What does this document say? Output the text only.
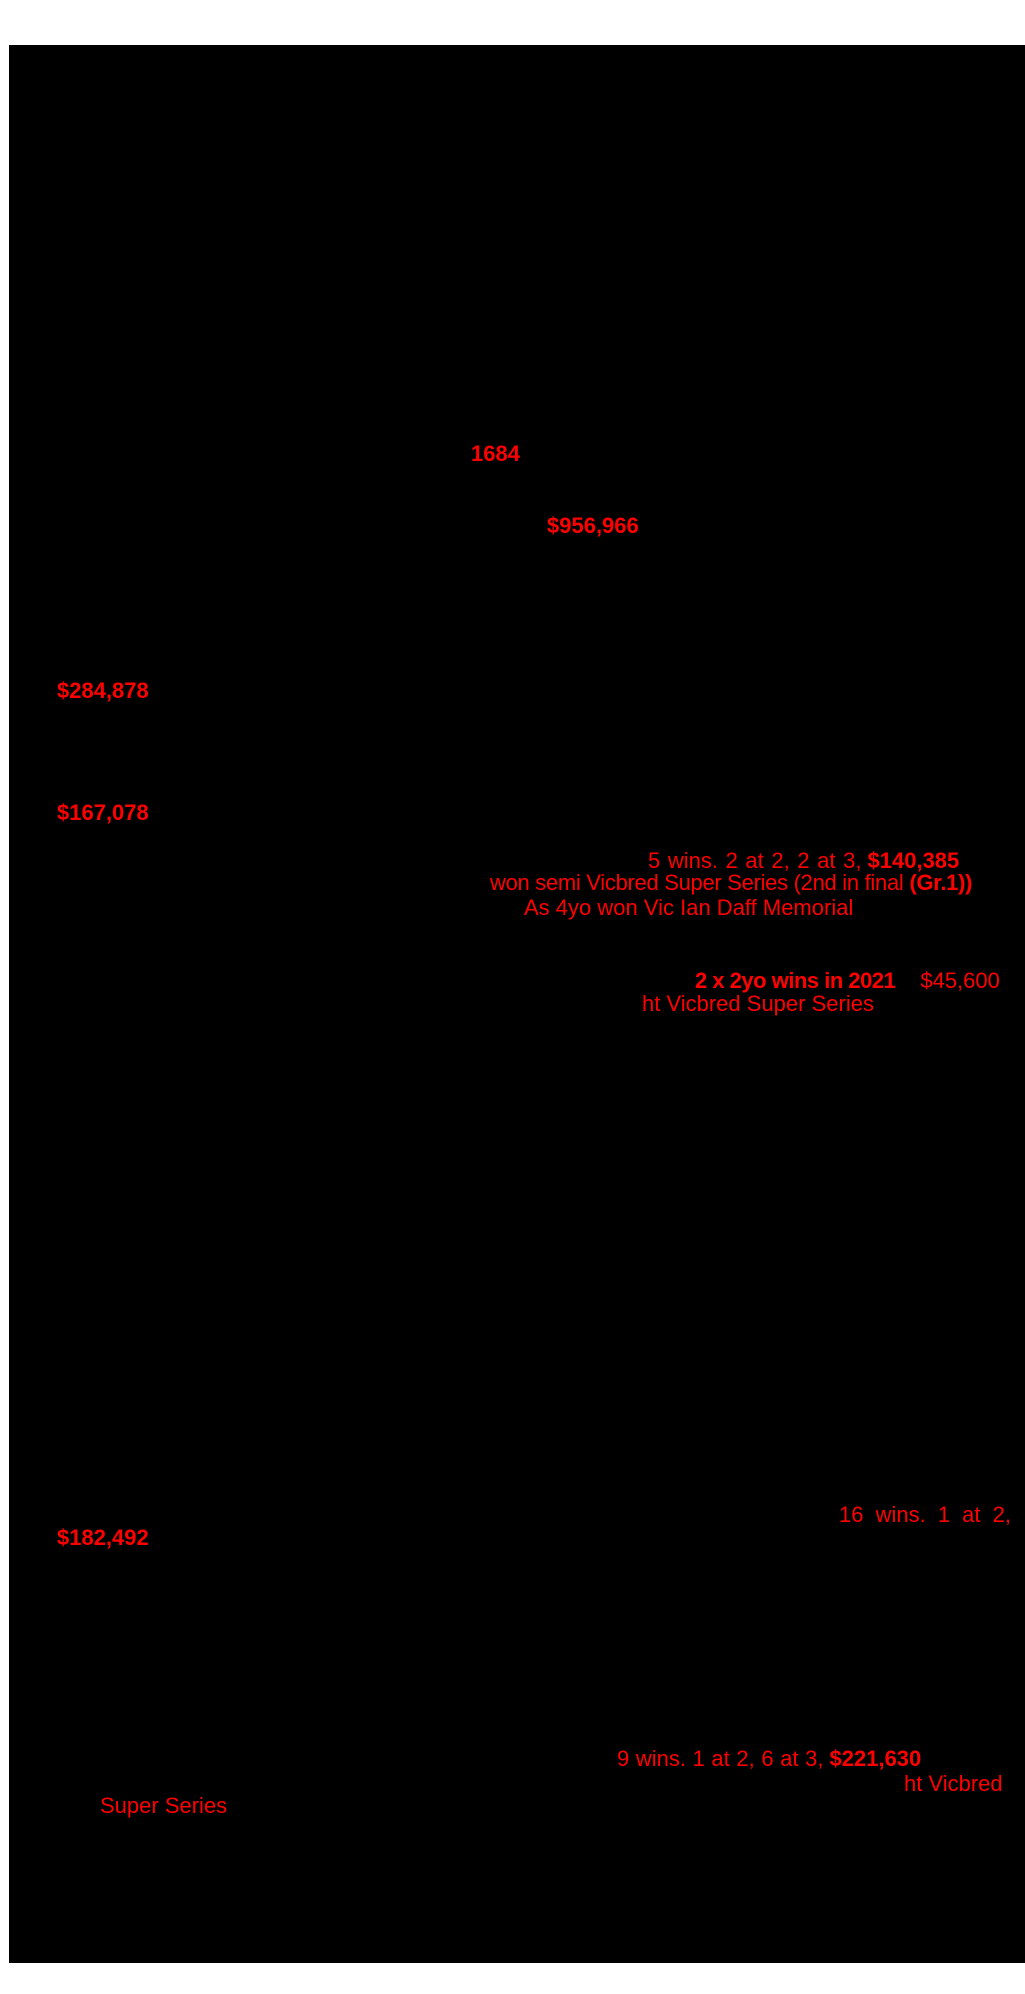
1684
$956,966
$284,878
$167,078
5 wins. 2 at 2, 2 at 3, $140,385
won semi Vicbred Super Series (2nd in final (Gr.1))
As 4yo won Vic Ian Daff Memorial
2 x 2yo wins in 2021 $45,600
ht Vicbred Super Series
16 wins. 1 at 2,
$182,492
9 wins. 1 at 2, 6 at 3, $221,630
ht Vicbred
Super Series
